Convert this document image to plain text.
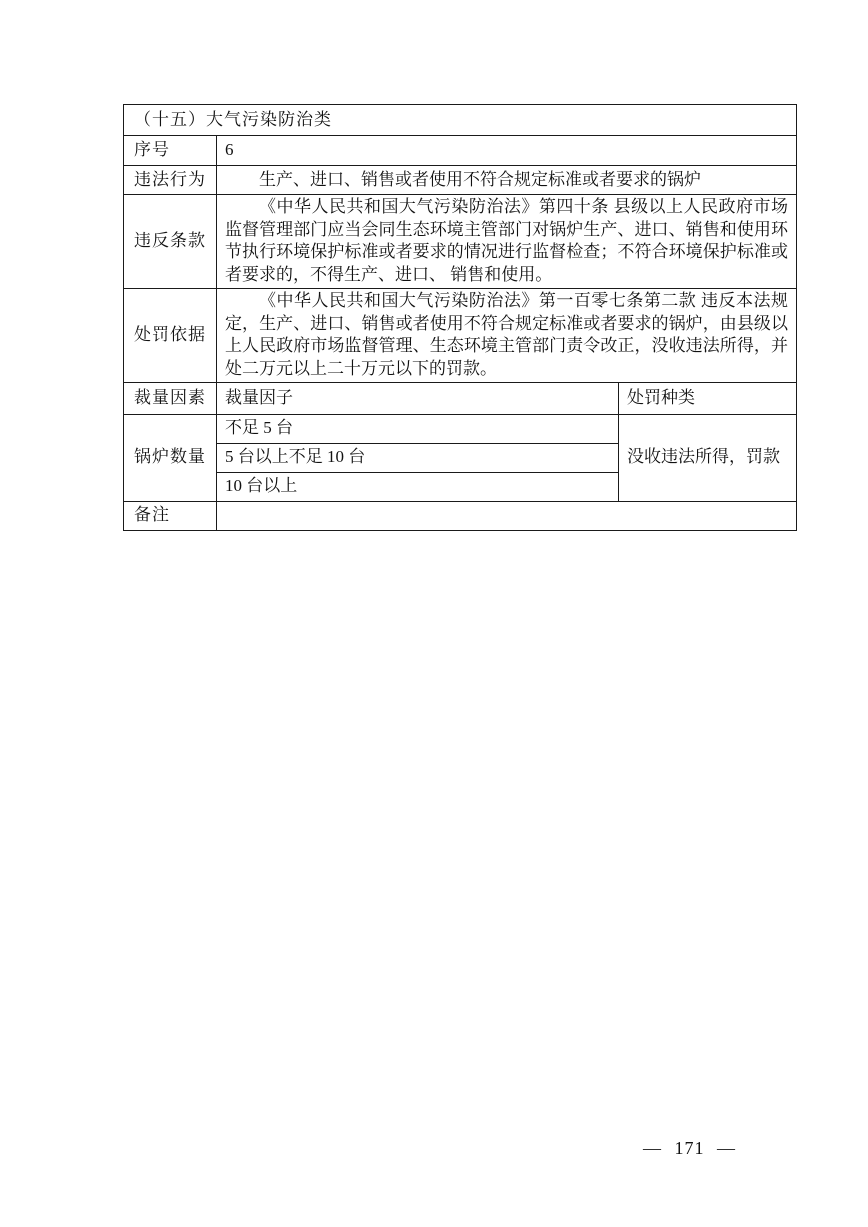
（十五）大气污染防治类		
序号	6	
违法行为	生产、进口、销售或者使用不符合规定标准或者要求的锅炉	
违反条款	《中华人民共和国大气污染防治法》第四十条 县级以上人民政府市场监督管理部门应当会同生态环境主管部门对锅炉生产、进口、销售和使用环节执行环境保护标准或者要求的情况进行监督检查；不符合环境保护标准或者要求的，不得生产、进口、 销售和使用。	
处罚依据	《中华人民共和国大气污染防治法》第一百零七条第二款 违反本法规定，生产、进口、销售或者使用不符合规定标准或者要求的锅炉，由县级以上人民政府市场监督管理、生态环境主管部门责令改正，没收违法所得，并处二万元以上二十万元以下的罚款。	
裁量因素	裁量因子	处罚种类
锅炉数量	不足 5 台	没收违法所得，罚款
	5 台以上不足 10 台	
	10 台以上	
备注		
— 171 —
